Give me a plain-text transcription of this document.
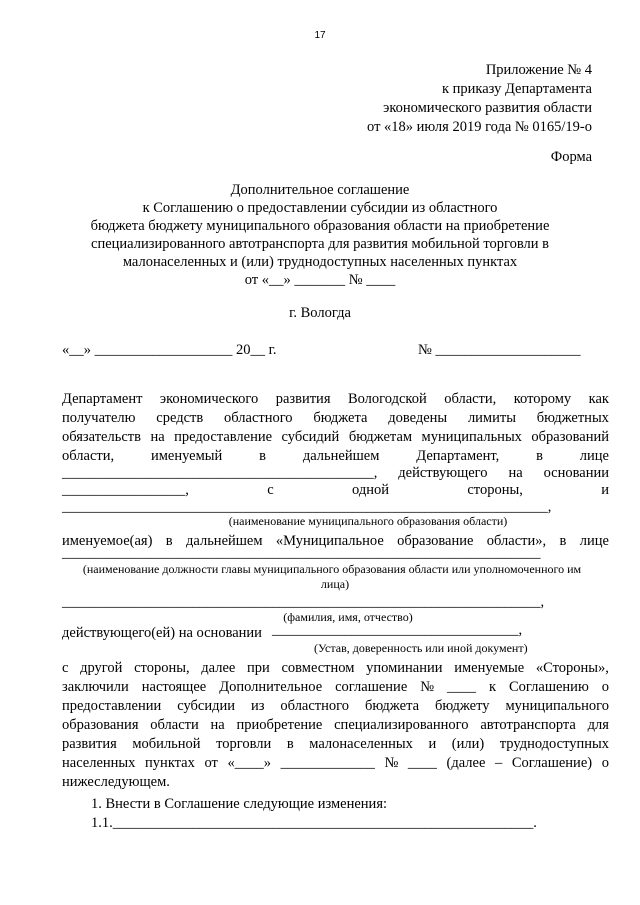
17
Приложение № 4
к приказу Департамента
экономического развития области
от «18» июля 2019 года № 0165/19-о
Форма
Дополнительное соглашение
к Соглашению о предоставлении субсидии из областного
бюджета бюджету муниципального образования области на приобретение
специализированного автотранспорта для развития мобильной торговли в
малонаселенных и (или) труднодоступных населенных пунктах
от «__» _______ № ____
г. Вологда
«__» ___________________ 20__ г.	№ ____________________
Департамент экономического развития Вологодской области, которому как
получателю средств областного бюджета доведены лимиты бюджетных
обязательств на предоставление субсидий бюджетам муниципальных образований
области,	именуемый	в	дальнейшем	Департамент,	в	лице
___________________________________________, действующего на основании
_________________,	с	одной	стороны,	и
___________________________________________________________________,
(наименование муниципального образования области)
именуемое(ая) в дальнейшем «Муниципальное образование области», в лице
__________________________________________________________________
(наименование должности главы муниципального образования области или уполномоченного им
лица)
__________________________________________________________________,
(фамилия, имя, отчество)
действующего(ей) на основании __________________________________,
(Устав, доверенность или иной документ)
с другой стороны, далее при совместном упоминании именуемые «Стороны»,
заключили настоящее Дополнительное соглашение № ____ к Соглашению о
предоставлении субсидии из областного бюджета бюджету муниципального
образования области на приобретение специализированного автотранспорта для
развития мобильной торговли в малонаселенных и (или) труднодоступных
населенных пунктах от «____» _____________ № ____ (далее – Соглашение) о
нижеследующем.
1. Внести в Соглашение следующие изменения:
1.1.__________________________________________________________.
